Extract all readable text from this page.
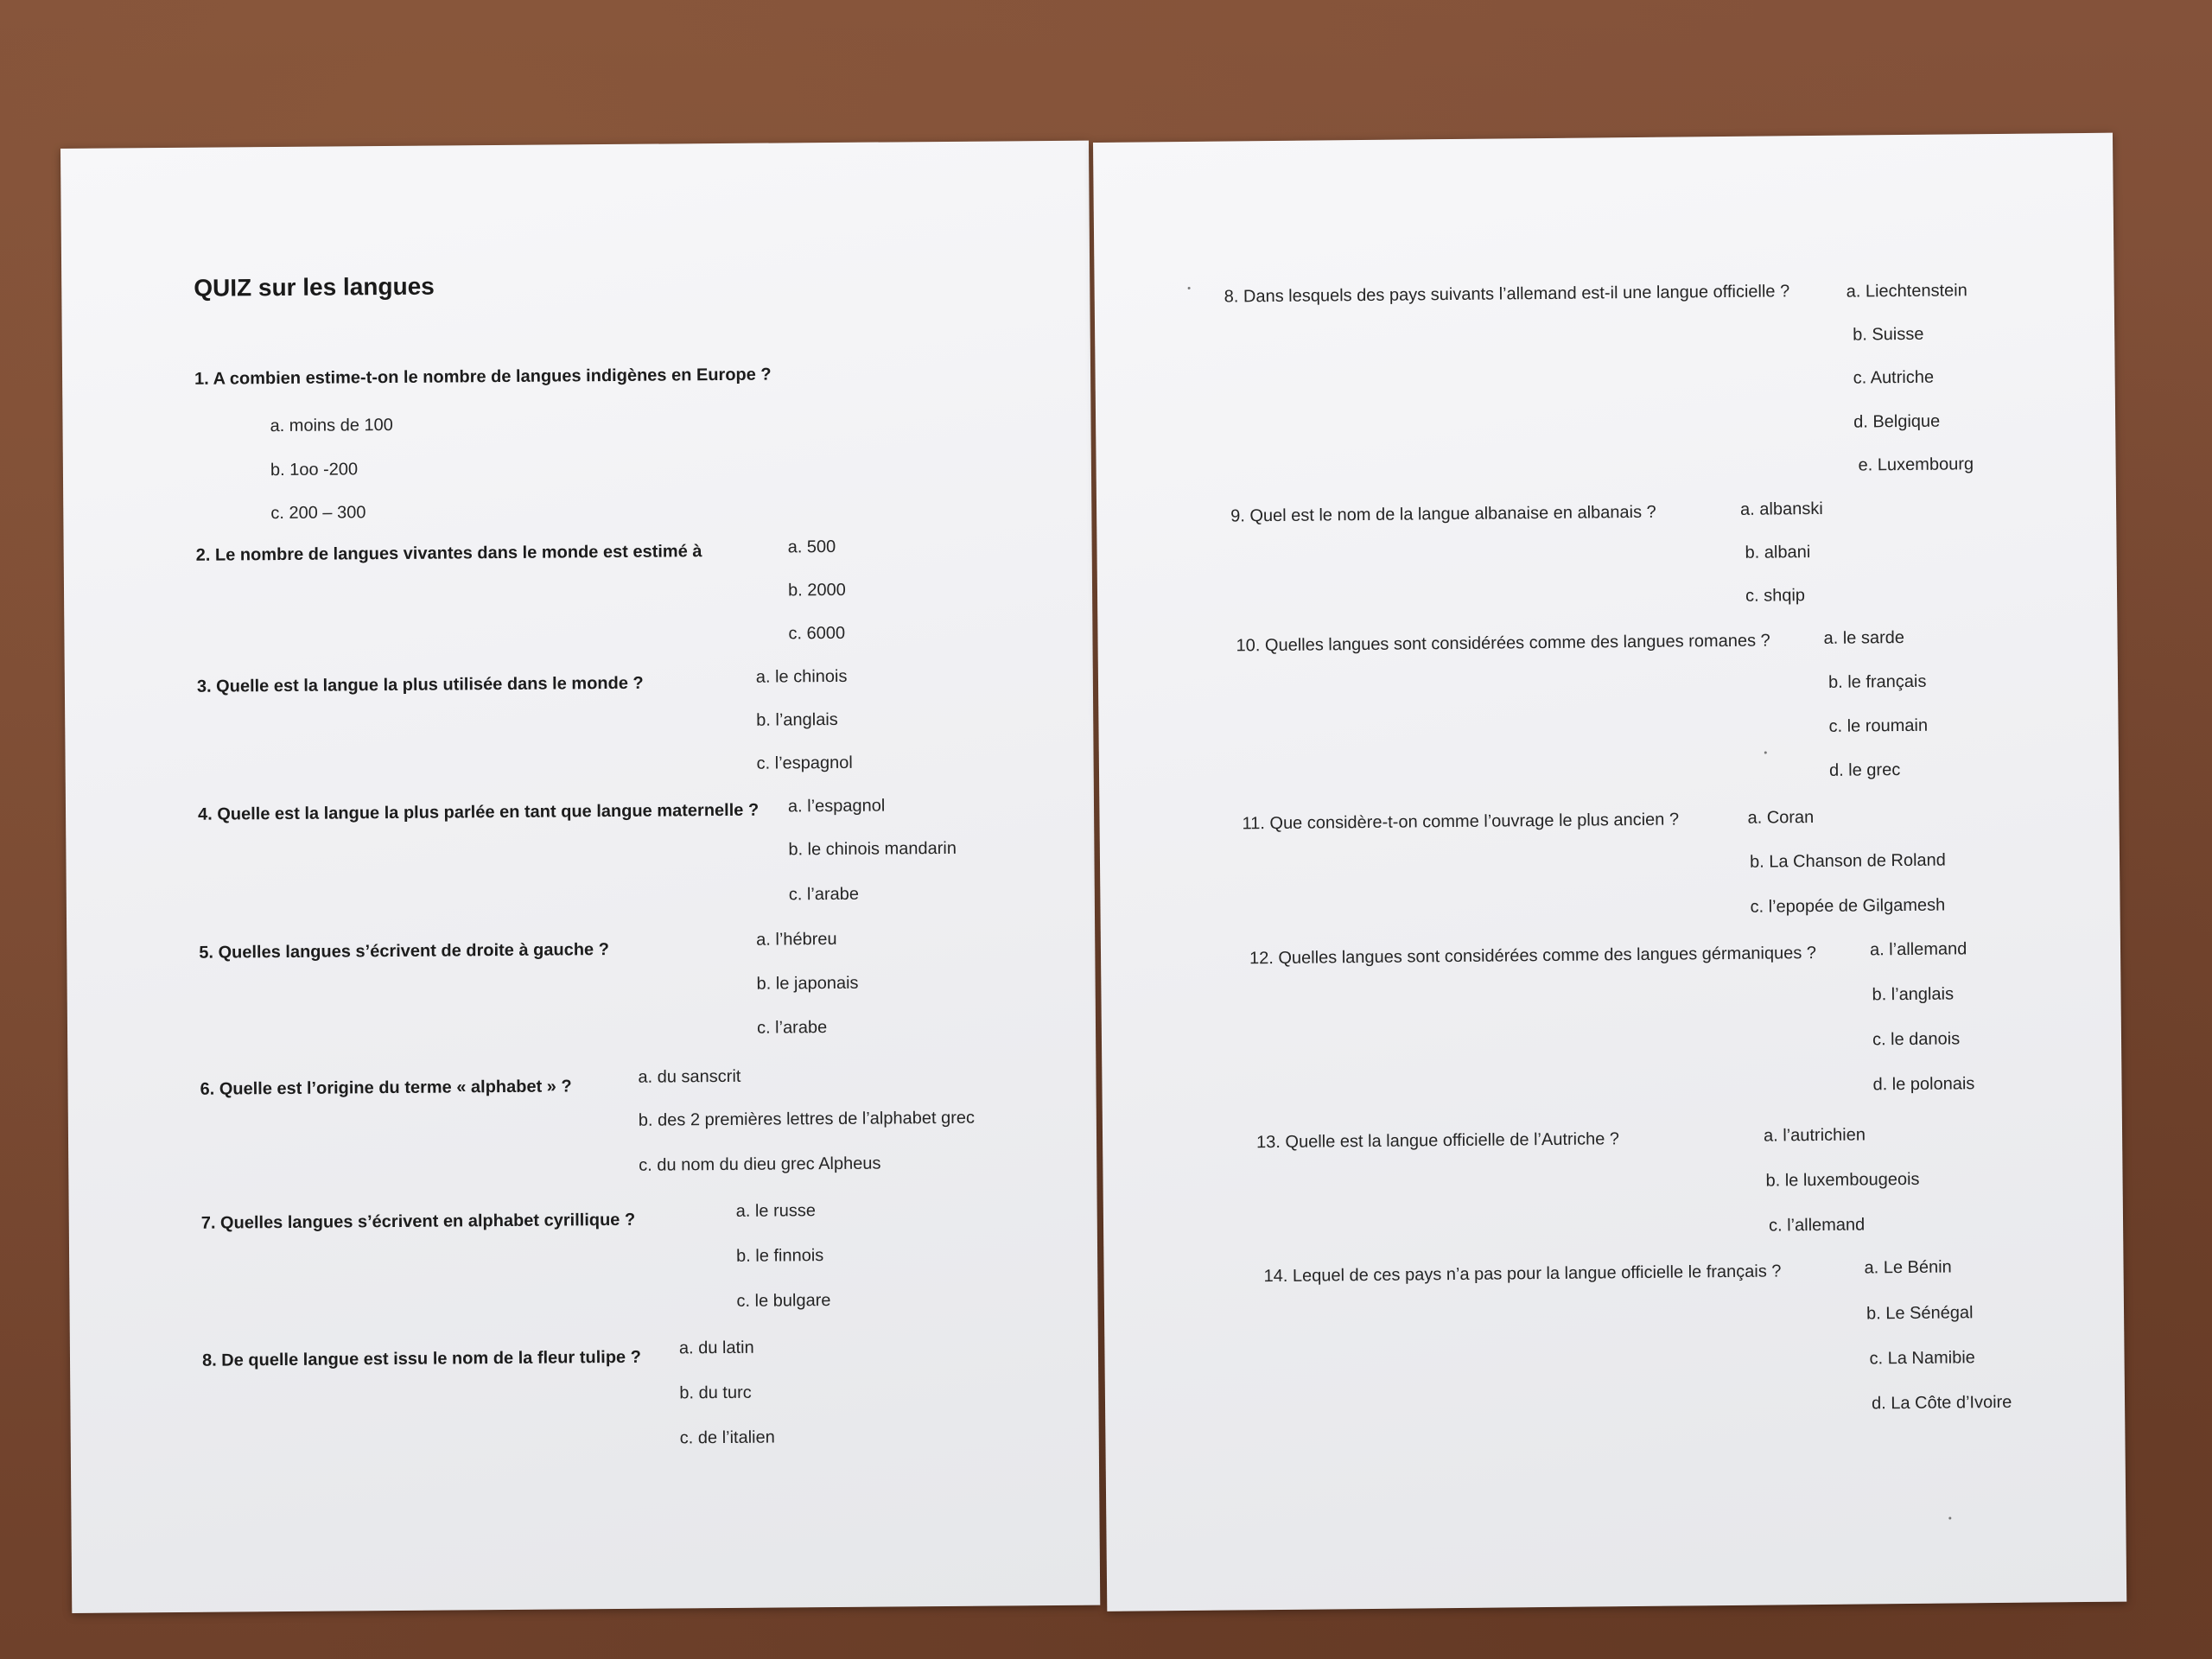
QUIZ sur les langues
1. A combien estime-t-on le nombre de langues indigènes en Europe ?
a. moins de 100
b. 1oo -200
c. 200 – 300
2. Le nombre de langues vivantes dans le monde est estimé à	a. 500
b. 2000
c. 6000
3. Quelle est la langue la plus utilisée dans le monde ?	a. le chinois
b. l’anglais
c. l’espagnol
4. Quelle est la langue la plus parlée en tant que langue maternelle ? a. l’espagnol
b. le chinois mandarin
c. l’arabe
5. Quelles langues s’écrivent de droite à gauche ?
a. l’hébreu
b. le japonais
c. l’arabe
6. Quelle est l’origine du terme « alphabet » ?
a. du sanscrit
b. des 2 premières lettres de l’alphabet grec
c. du nom du dieu grec Alpheus
7. Quelles langues s’écrivent en alphabet cyrillique ?	a. le russe
b. le finnois
c. le bulgare
8. De quelle langue est issu le nom de la fleur tulipe ? a. du latin
b. du turc
c. de l’italien
8. Dans lesquels des pays suivants l’allemand est-il une langue officielle ?	a. Liechtenstein
b. Suisse
c. Autriche
d. Belgique
e. Luxembourg
9. Quel est le nom de la langue albanaise en albanais ?	a. albanski
b. albani
c. shqip
10. Quelles langues sont considérées comme des langues romanes ?	a. le sarde
b. le français
c. le roumain
d. le grec
11. Que considère-t-on comme l’ouvrage le plus ancien ?	a. Coran
b. La Chanson de Roland
c. l’epopée de Gilgamesh
12. Quelles langues sont considérées comme des langues gérmaniques ?	a. l’allemand
b. l’anglais
c. le danois
d. le polonais
13. Quelle est la langue officielle de l’Autriche ?	a. l’autrichien
b. le luxembougeois
c. l’allemand
14. Lequel de ces pays n’a pas pour la langue officielle le français ?	a. Le Bénin
b. Le Sénégal
c. La Namibie
d. La Côte d’Ivoire
